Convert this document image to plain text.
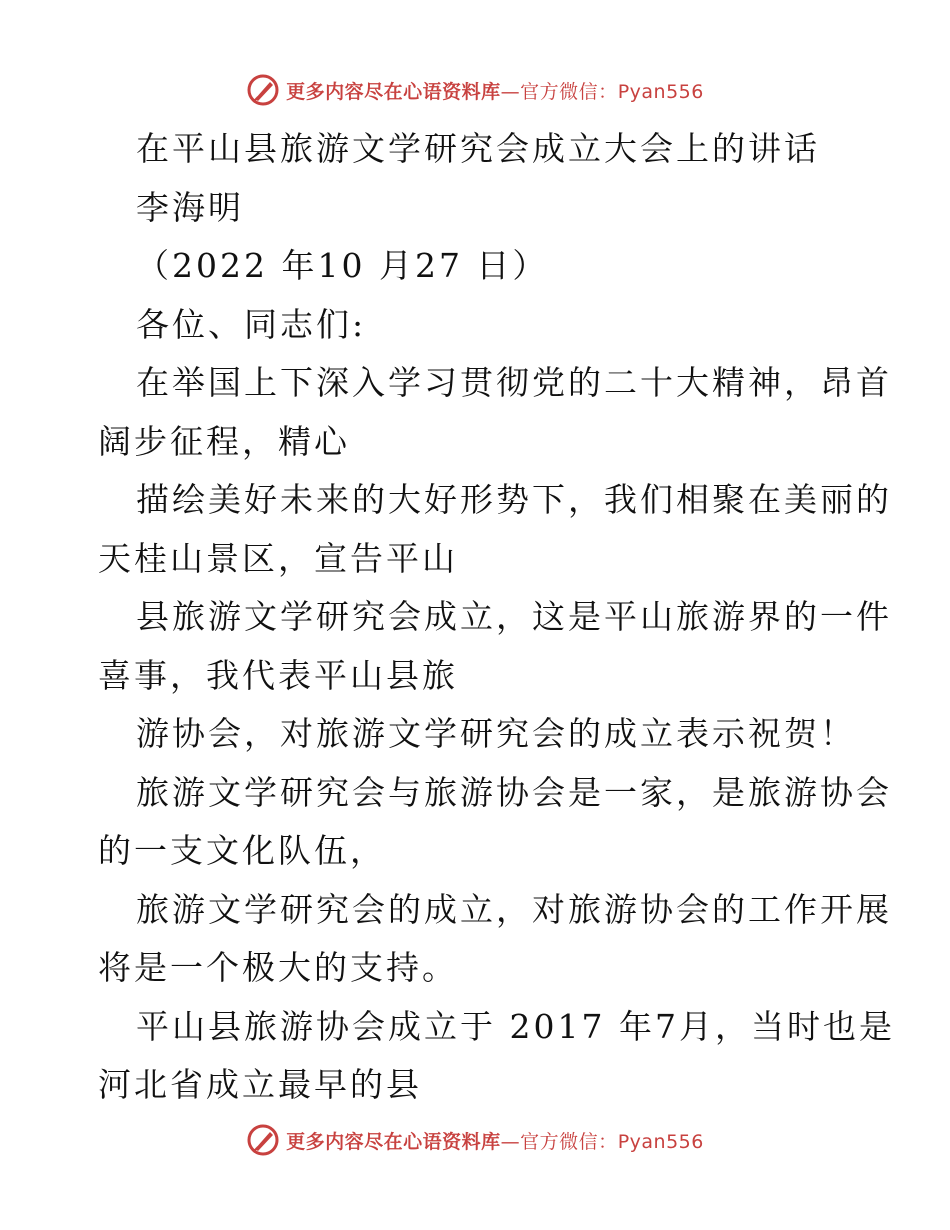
更多内容尽在心语资料库—官方微信：Pyan556
在平山县旅游文学研究会成立大会上的讲话
李海明
（2022 年10 月27 日）
各位、同志们:
在举国上下深入学习贯彻党的二十大精神，昂首
阔步征程，精心
描绘美好未来的大好形势下，我们相聚在美丽的
天桂山景区，宣告平山
县旅游文学研究会成立，这是平山旅游界的一件
喜事，我代表平山县旅
游协会，对旅游文学研究会的成立表示祝贺！
旅游文学研究会与旅游协会是一家，是旅游协会
的一支文化队伍，
旅游文学研究会的成立，对旅游协会的工作开展
将是一个极大的支持。
平山县旅游协会成立于 2017 年7月，当时也是
河北省成立最早的县
更多内容尽在心语资料库—官方微信：Pyan556
